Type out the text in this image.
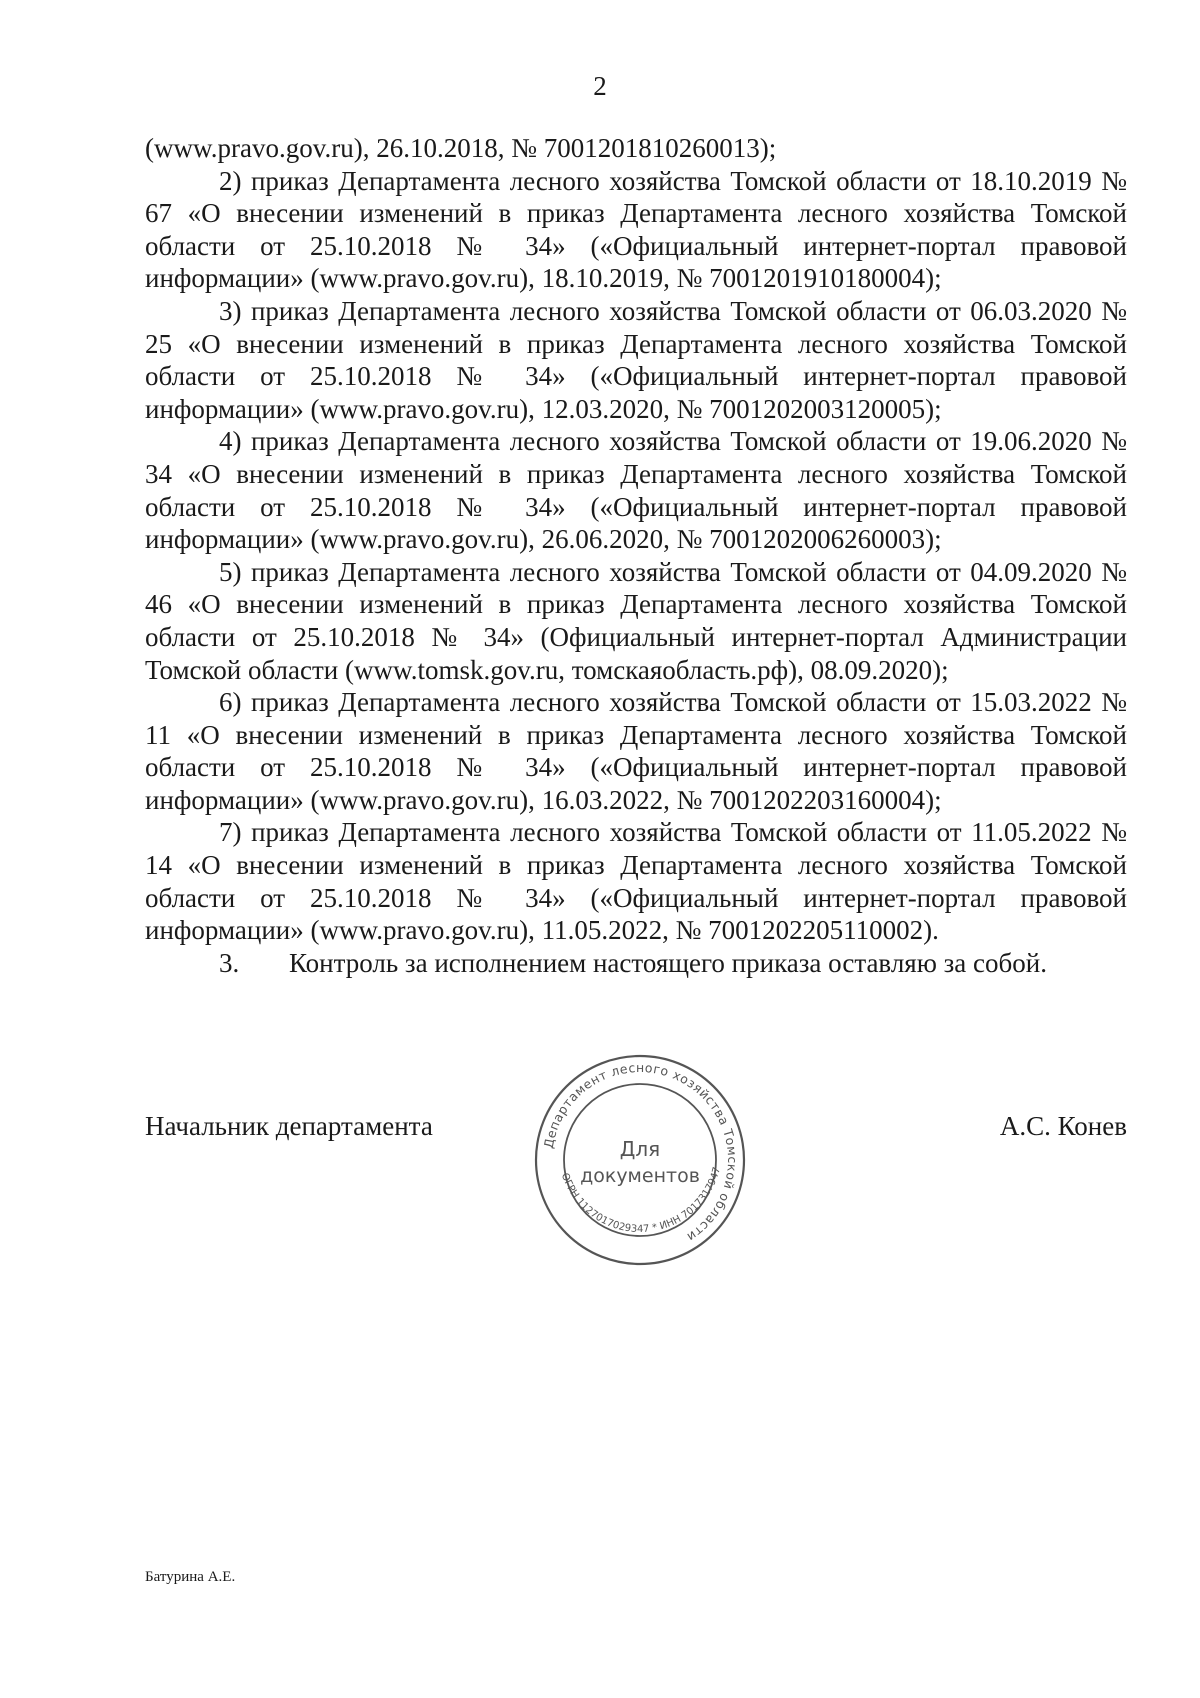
2

(www.pravo.gov.ru), 26.10.2018, № 7001201810260013);

2) приказ Департамента лесного хозяйства Томской области от 18.10.2019 № 67 «О внесении изменений в приказ Департамента лесного хозяйства Томской области от 25.10.2018 № 34» («Официальный интернет-портал правовой информации» (www.pravo.gov.ru), 18.10.2019, № 7001201910180004);

3) приказ Департамента лесного хозяйства Томской области от 06.03.2020 № 25 «О внесении изменений в приказ Департамента лесного хозяйства Томской области от 25.10.2018 № 34» («Официальный интернет-портал правовой информации» (www.pravo.gov.ru), 12.03.2020, № 7001202003120005);

4) приказ Департамента лесного хозяйства Томской области от 19.06.2020 № 34 «О внесении изменений в приказ Департамента лесного хозяйства Томской области от 25.10.2018 № 34» («Официальный интернет-портал правовой информации» (www.pravo.gov.ru), 26.06.2020, № 7001202006260003);

5) приказ Департамента лесного хозяйства Томской области от 04.09.2020 № 46 «О внесении изменений в приказ Департамента лесного хозяйства Томской области от 25.10.2018 № 34» (Официальный интернет-портал Администрации Томской области (www.tomsk.gov.ru, томскаяобласть.рф), 08.09.2020);

6) приказ Департамента лесного хозяйства Томской области от 15.03.2022 № 11 «О внесении изменений в приказ Департамента лесного хозяйства Томской области от 25.10.2018 № 34» («Официальный интернет-портал правовой информации» (www.pravo.gov.ru), 16.03.2022, № 7001202203160004);

7) приказ Департамента лесного хозяйства Томской области от 11.05.2022 № 14 «О внесении изменений в приказ Департамента лесного хозяйства Томской области от 25.10.2018 № 34» («Официальный интернет-портал правовой информации» (www.pravo.gov.ru), 11.05.2022, № 7001202205110002).

3. Контроль за исполнением настоящего приказа оставляю за собой.

Начальник департамента	А.С. Конев
Департамент лесного хозяйства Томской области
ОГРН 1127017029347 * ИНН 7017317947
Для
документов
Батурина А.Е.
